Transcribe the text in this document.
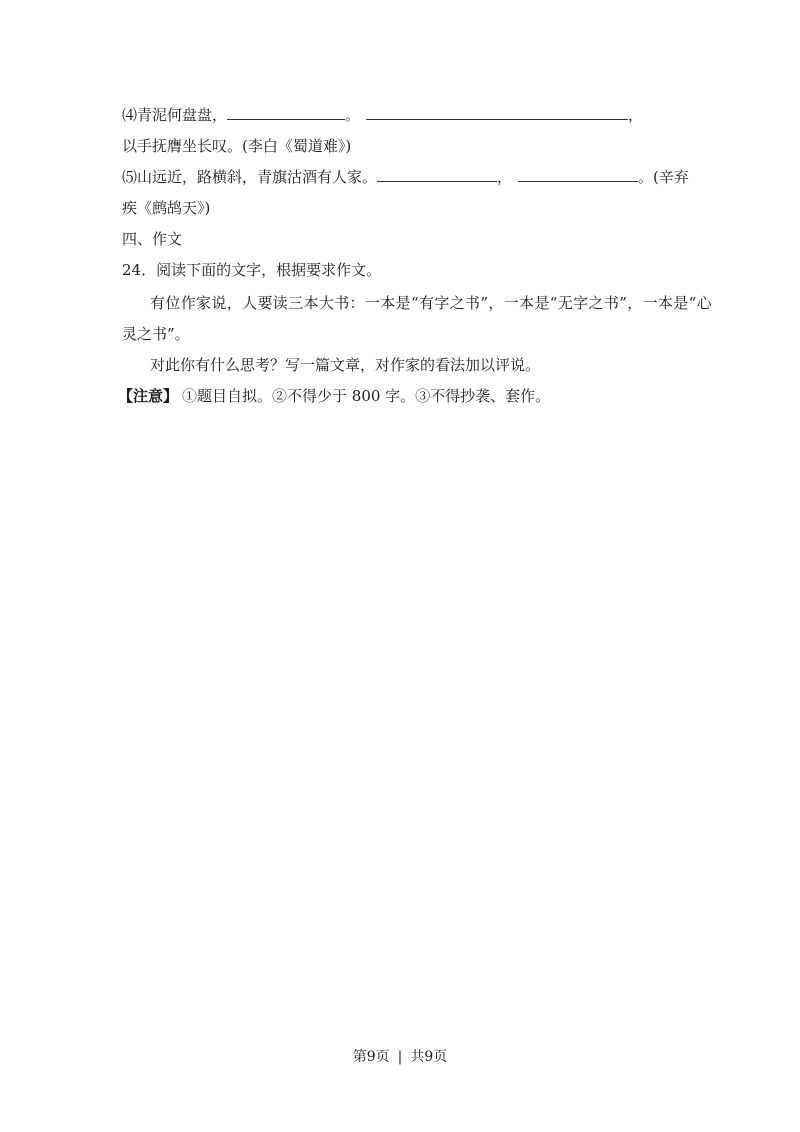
⑷青泥何盘盘，	。	，
以手抚膺坐长叹。(李白《蜀道难》)
⑸山远近，路横斜，青旗沽酒有人家。	，	。(辛弃
疾《鹧鸪天》)
四、作文
24．阅读下面的文字，根据要求作文。
有位作家说，人要读三本大书：一本是“有字之书”，一本是“无字之书”，一本是“心
灵之书”。
对此你有什么思考？写一篇文章，对作家的看法加以评说。
【注意】 ①题目自拟。②不得少于 800 字。③不得抄袭、套作。
第9页 | 共9页
